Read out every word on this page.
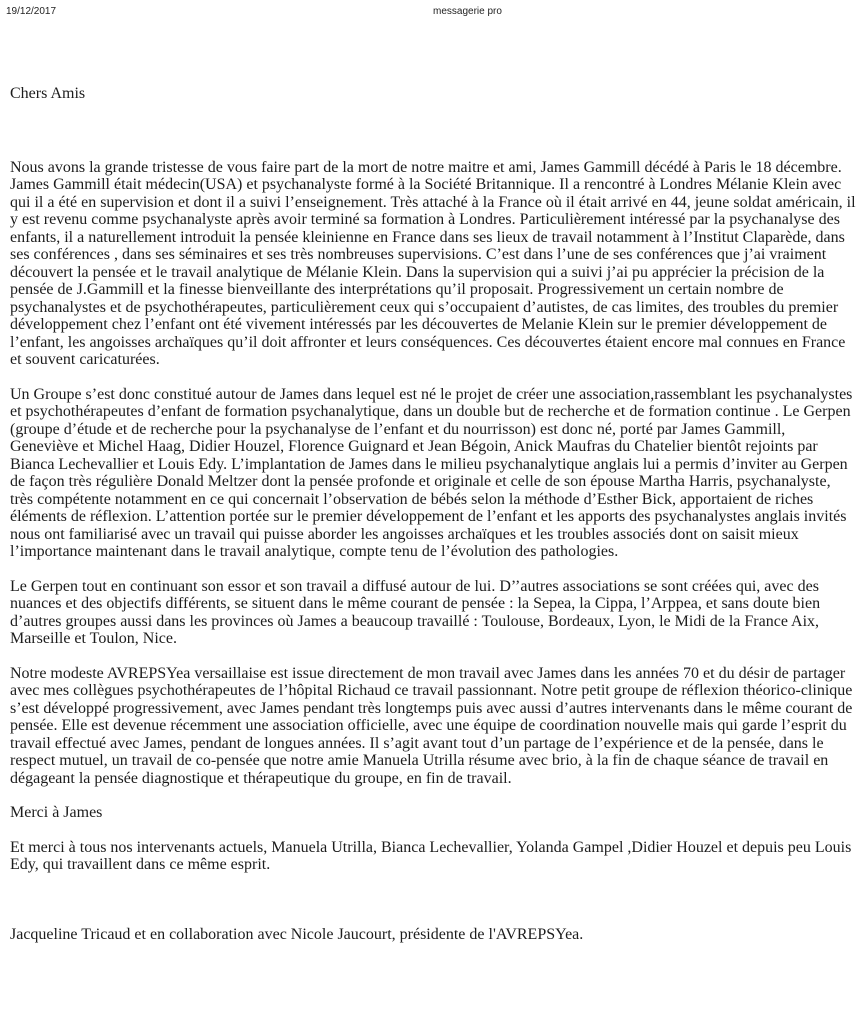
19/12/2017	messagerie pro

Chers Amis

Nous avons la grande tristesse de vous faire part de la mort de notre maitre et ami, James Gammill décédé à Paris le 18 décembre. James Gammill était médecin(USA) et psychanalyste formé à la Société Britannique. Il a rencontré à Londres Mélanie Klein avec qui il a été en supervision et dont il a suivi l’enseignement. Très attaché à la France où il était arrivé en 44, jeune soldat américain, il y est revenu comme psychanalyste après avoir terminé sa formation à Londres. Particulièrement intéressé par la psychanalyse des enfants, il a naturellement introduit la pensée kleinienne en France dans ses lieux de travail notamment à l’Institut Claparède, dans ses conférences , dans ses séminaires et ses très nombreuses supervisions. C’est dans l’une de ses conférences que j’ai vraiment découvert la pensée et le travail analytique de Mélanie Klein. Dans la supervision qui a suivi j’ai pu apprécier la précision de la pensée de J.Gammill et la finesse bienveillante des interprétations qu’il proposait. Progressivement un certain nombre de psychanalystes et de psychothérapeutes, particulièrement ceux qui s’occupaient d’autistes, de cas limites, des troubles du premier développement chez l’enfant ont été vivement intéressés par les découvertes de Melanie Klein sur le premier développement de l’enfant, les angoisses archaïques qu’il doit affronter et leurs conséquences. Ces découvertes étaient encore mal connues en France et souvent caricaturées.

Un Groupe s’est donc constitué autour de James dans lequel est né le projet de créer une association,rassemblant les psychanalystes et psychothérapeutes d’enfant de formation psychanalytique, dans un double but de recherche et de formation continue . Le Gerpen (groupe d’étude et de recherche pour la psychanalyse de l’enfant et du nourrisson) est donc né, porté par James Gammill, Geneviève et Michel Haag, Didier Houzel, Florence Guignard et Jean Bégoin, Anick Maufras du Chatelier bientôt rejoints par Bianca Lechevallier et Louis Edy. L’implantation de James dans le milieu psychanalytique anglais lui a permis d’inviter au Gerpen de façon très régulière Donald Meltzer dont la pensée profonde et originale et celle de son épouse Martha Harris, psychanalyste, très compétente notamment en ce qui concernait l’observation de bébés selon la méthode d’Esther Bick, apportaient de riches éléments de réflexion. L’attention portée sur le premier développement de l’enfant et les apports des psychanalystes anglais invités nous ont familiarisé avec un travail qui puisse aborder les angoisses archaïques et les troubles associés dont on saisit mieux l’importance maintenant dans le travail analytique, compte tenu de l’évolution des pathologies.

Le Gerpen tout en continuant son essor et son travail a diffusé autour de lui. D’’autres associations se sont créées qui, avec des nuances et des objectifs différents, se situent dans le même courant de pensée : la Sepea, la Cippa, l’Arppea, et sans doute bien d’autres groupes aussi dans les provinces où James a beaucoup travaillé : Toulouse, Bordeaux, Lyon, le Midi de la France Aix, Marseille et Toulon, Nice.

Notre modeste AVREPSYea versaillaise est issue directement de mon travail avec James dans les années 70 et du désir de partager avec mes collègues psychothérapeutes de l’hôpital Richaud ce travail passionnant. Notre petit groupe de réflexion théorico-clinique s’est développé progressivement, avec James pendant très longtemps puis avec aussi d’autres intervenants dans le même courant de pensée. Elle est devenue récemment une association officielle, avec une équipe de coordination nouvelle mais qui garde l’esprit du travail effectué avec James, pendant de longues années. Il s’agit avant tout d’un partage de l’expérience et de la pensée, dans le respect mutuel, un travail de co-pensée que notre amie Manuela Utrilla résume avec brio, à la fin de chaque séance de travail en dégageant la pensée diagnostique et thérapeutique du groupe, en fin de travail.

Merci à James

Et merci à tous nos intervenants actuels, Manuela Utrilla, Bianca Lechevallier, Yolanda Gampel ,Didier Houzel et depuis peu Louis Edy, qui travaillent dans ce même esprit.

Jacqueline Tricaud et en collaboration avec Nicole Jaucourt, présidente de l'AVREPSYea.
